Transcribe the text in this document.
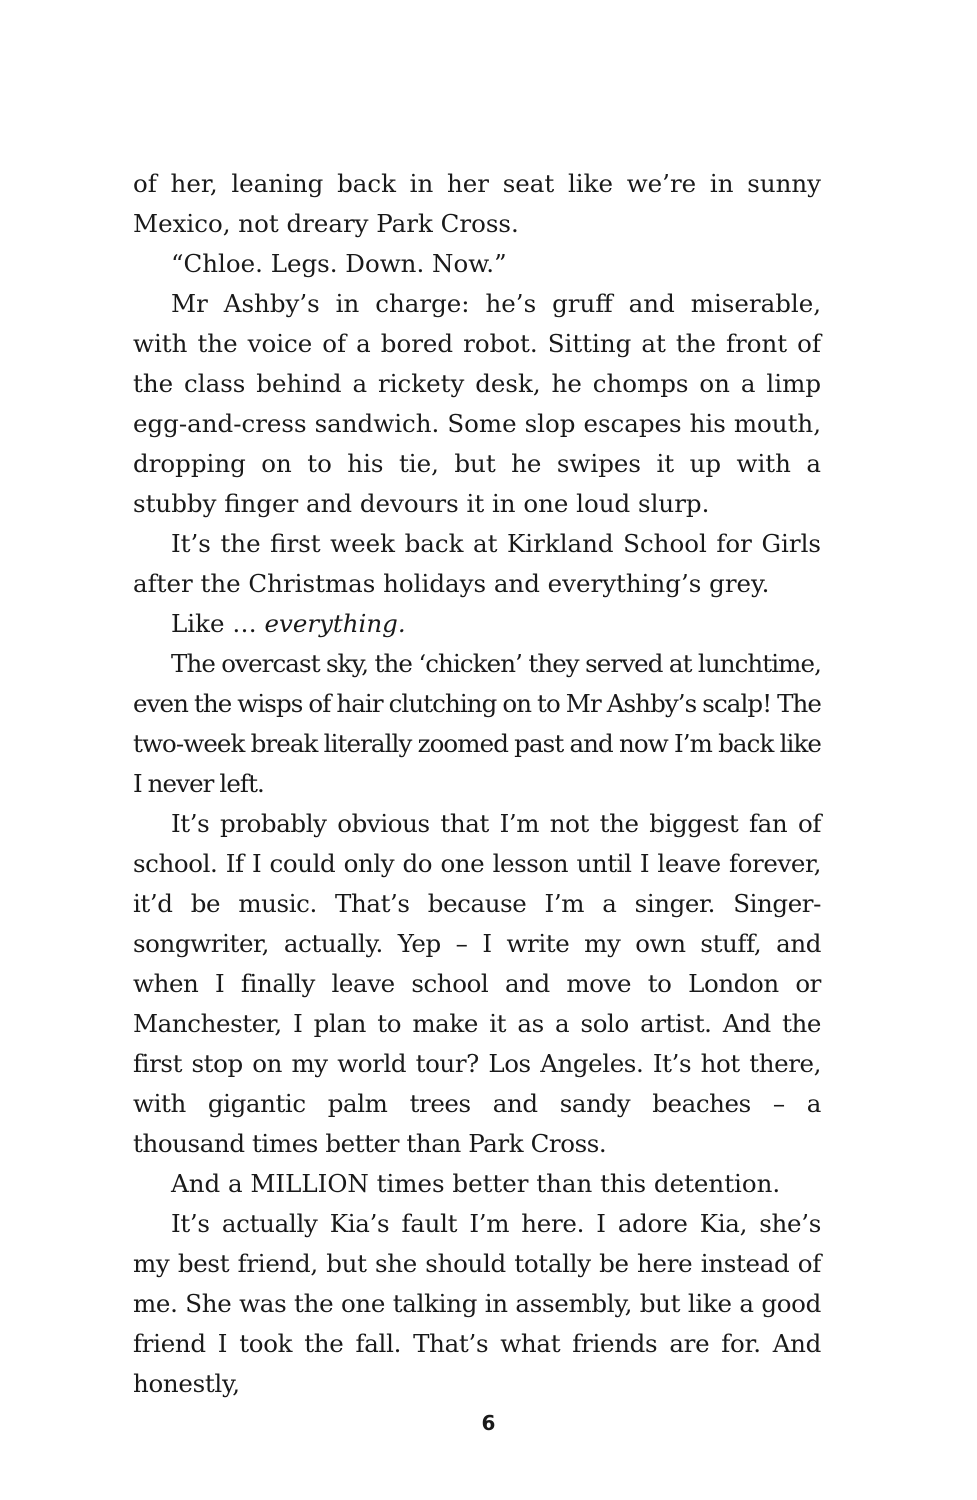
of her, leaning back in her seat like we’re in sunny Mexico, not dreary Park Cross.

“Chloe. Legs. Down. Now.”

Mr Ashby’s in charge: he’s gruff and miserable, with the voice of a bored robot. Sitting at the front of the class behind a rickety desk, he chomps on a limp egg-and-cress sandwich. Some slop escapes his mouth, dropping on to his tie, but he swipes it up with a stubby finger and devours it in one loud slurp.

It’s the first week back at Kirkland School for Girls after the Christmas holidays and everything’s grey.

Like … everything.

The overcast sky, the ‘chicken’ they served at lunchtime, even the wisps of hair clutching on to Mr Ashby’s scalp! The two-week break literally zoomed past and now I’m back like I never left.

It’s probably obvious that I’m not the biggest fan of school. If I could only do one lesson until I leave forever, it’d be music. That’s because I’m a singer. Singer-songwriter, actually. Yep – I write my own stuff, and when I finally leave school and move to London or Manchester, I plan to make it as a solo artist. And the first stop on my world tour? Los Angeles. It’s hot there, with gigantic palm trees and sandy beaches – a thousand times better than Park Cross.

And a MILLION times better than this detention.

It’s actually Kia’s fault I’m here. I adore Kia, she’s my best friend, but she should totally be here instead of me. She was the one talking in assembly, but like a good friend I took the fall. That’s what friends are for. And honestly,

6
